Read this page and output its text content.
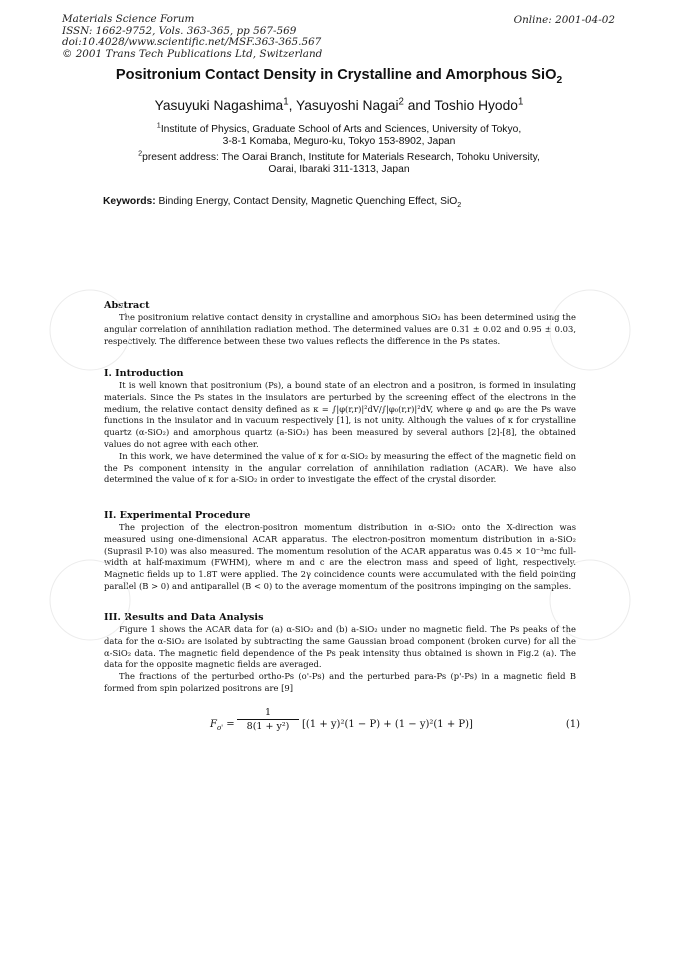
Materials Science Forum
ISSN: 1662-9752, Vols. 363-365, pp 567-569
doi:10.4028/www.scientific.net/MSF.363-365.567
© 2001 Trans Tech Publications Ltd, Switzerland
Online: 2001-04-02
Positronium Contact Density in Crystalline and Amorphous SiO$_2$
Yasuyuki Nagashima$^1$, Yasuyoshi Nagai$^2$ and Toshio Hyodo$^1$
$^1$Institute of Physics, Graduate School of Arts and Sciences, University of Tokyo,
3-8-1 Komaba, Meguro-ku, Tokyo 153-8902, Japan
$^2$present address: The Oarai Branch, Institute for Materials Research, Tohoku University,
Oarai, Ibaraki 311-1313, Japan
Keywords: Binding Energy, Contact Density, Magnetic Quenching Effect, SiO$_2$
Abstract

The positronium relative contact density in crystalline and amorphous SiO₂ has been determined using the angular correlation of annihilation radiation method. The determined values are 0.31 ± 0.02 and 0.95 ± 0.03, respectively. The difference between these two values reflects the difference in the Ps states.

I. Introduction

It is well known that positronium (Ps), a bound state of an electron and a positron, is formed in insulating materials. Since the Ps states in the insulators are perturbed by the screening effect of the electrons in the medium, the relative contact density defined as κ = ∫|φ(r,r)|²dV/∫|φ₀(r,r)|²dV, where φ and φ₀ are the Ps wave functions in the insulator and in vacuum respectively [1], is not unity. Although the values of κ for crystalline quartz (α-SiO₂) and amorphous quartz (a-SiO₂) has been measured by several authors [2]-[8], the obtained values do not agree with each other.

In this work, we have determined the value of κ for α-SiO₂ by measuring the effect of the magnetic field on the Ps component intensity in the angular correlation of annihilation radiation (ACAR). We have also determined the value of κ for a-SiO₂ in order to investigate the effect of the crystal disorder.

II. Experimental Procedure

The projection of the electron-positron momentum distribution in α-SiO₂ onto the X-direction was measured using one-dimensional ACAR apparatus. The electron-positron momentum distribution in a-SiO₂ (Suprasil P-10) was also measured. The momentum resolution of the ACAR apparatus was 0.45 × 10⁻³mc full-width at half-maximum (FWHM), where m and c are the electron mass and speed of light, respectively. Magnetic fields up to 1.8T were applied. The 2γ coincidence counts were accumulated with the field pointing parallel (B > 0) and antiparallel (B < 0) to the average momentum of the positrons impinging on the samples.

III. Results and Data Analysis

Figure 1 shows the ACAR data for (a) α-SiO₂ and (b) a-SiO₂ under no magnetic field. The Ps peaks of the data for the α-SiO₂ are isolated by subtracting the same Gaussian broad component (broken curve) for all the α-SiO₂ data. The magnetic field dependence of the Ps peak intensity thus obtained is shown in Fig.2 (a). The data for the opposite magnetic fields are averaged.

The fractions of the perturbed ortho-Ps (o'-Ps) and the perturbed para-Ps (p'-Ps) in a magnetic field B formed from spin polarized positrons are [9]

$F_{o'}$ =
1
8(1 + y²)	[(1 + y)²(1 − P) + (1 − y)²(1 + P)]	(1)
